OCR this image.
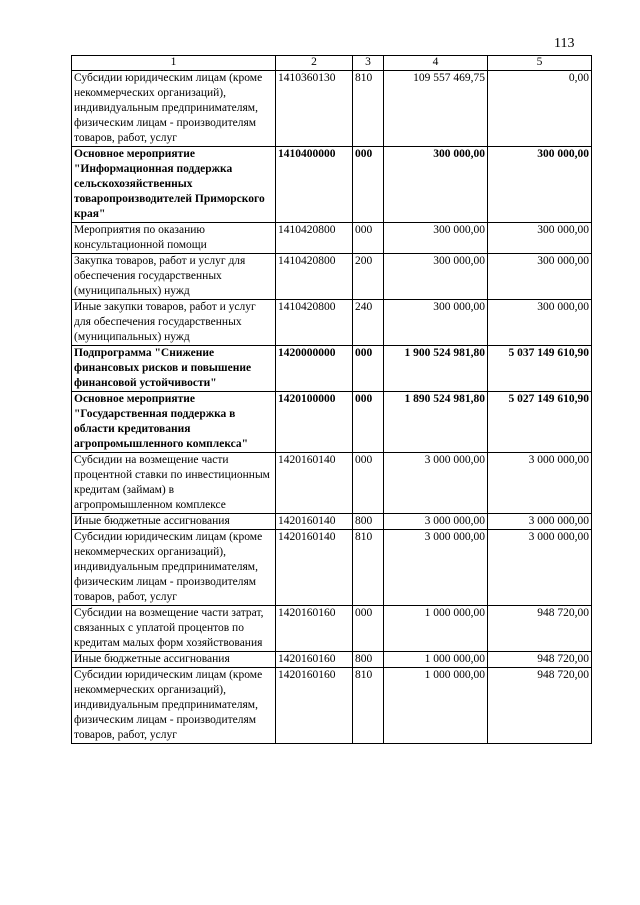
113
1	2	3	4	5
Субсидии юридическим лицам (кроме некоммерческих организаций), индивидуальным предпринимателям, физическим лицам - производителям товаров, работ, услуг	1410360130	810	109 557 469,75	0,00
Основное мероприятие "Информационная поддержка сельскохозяйственных товаропроизводителей Приморского края"	1410400000	000	300 000,00	300 000,00
Мероприятия по оказанию консультационной помощи	1410420800	000	300 000,00	300 000,00
Закупка товаров, работ и услуг для обеспечения государственных (муниципальных) нужд	1410420800	200	300 000,00	300 000,00
Иные закупки товаров, работ и услуг для обеспечения государственных (муниципальных) нужд	1410420800	240	300 000,00	300 000,00
Подпрограмма "Снижение финансовых рисков и повышение финансовой устойчивости"	1420000000	000	1 900 524 981,80	5 037 149 610,90
Основное мероприятие "Государственная поддержка в области кредитования агропромышленного комплекса"	1420100000	000	1 890 524 981,80	5 027 149 610,90
Субсидии на возмещение части процентной ставки по инвестиционным кредитам (займам) в агропромышленном комплексе	1420160140	000	3 000 000,00	3 000 000,00
Иные бюджетные ассигнования	1420160140	800	3 000 000,00	3 000 000,00
Субсидии юридическим лицам (кроме некоммерческих организаций), индивидуальным предпринимателям, физическим лицам - производителям товаров, работ, услуг	1420160140	810	3 000 000,00	3 000 000,00
Субсидии на возмещение части затрат, связанных с уплатой процентов по кредитам малых форм хозяйствования	1420160160	000	1 000 000,00	948 720,00
Иные бюджетные ассигнования	1420160160	800	1 000 000,00	948 720,00
Субсидии юридическим лицам (кроме некоммерческих организаций), индивидуальным предпринимателям, физическим лицам - производителям товаров, работ, услуг	1420160160	810	1 000 000,00	948 720,00
